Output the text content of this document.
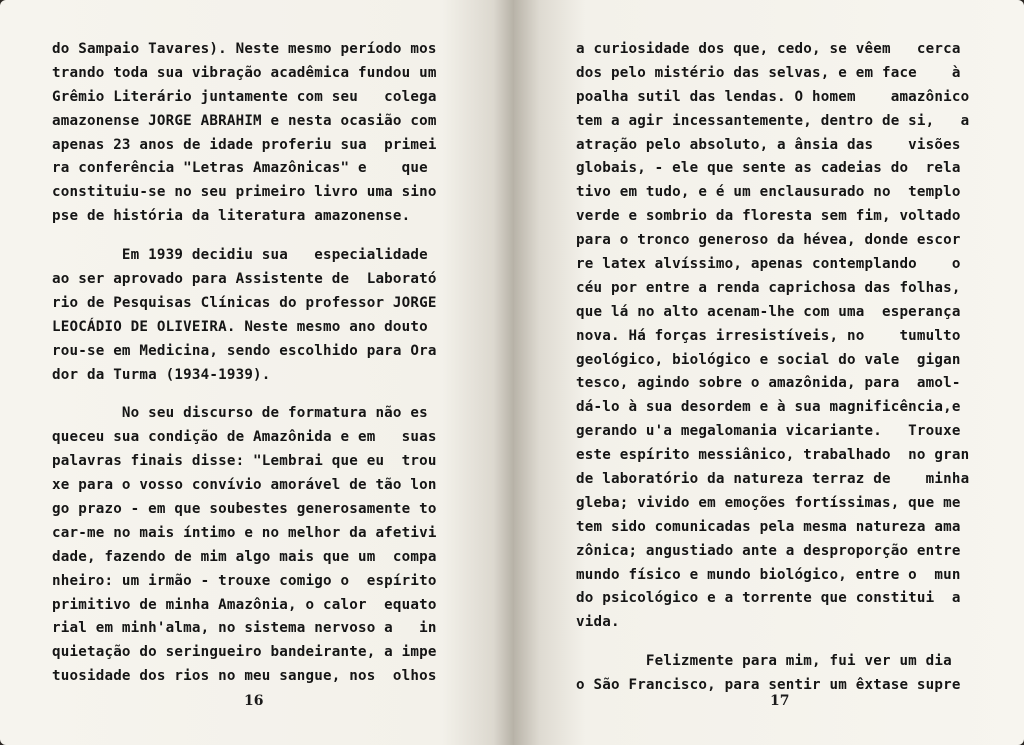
do Sampaio Tavares). Neste mesmo período mos
trando toda sua vibração acadêmica fundou um
Grêmio Literário juntamente com seu   colega
amazonense JORGE ABRAHIM e nesta ocasião com
apenas 23 anos de idade proferiu sua  primei
ra conferência "Letras Amazônicas" e    que
constituiu-se no seu primeiro livro uma sino
pse de história da literatura amazonense.
Em 1939 decidiu sua   especialidade
ao ser aprovado para Assistente de  Laborató
rio de Pesquisas Clínicas do professor JORGE
LEOCÁDIO DE OLIVEIRA. Neste mesmo ano douto
rou-se em Medicina, sendo escolhido para Ora
dor da Turma (1934-1939).
No seu discurso de formatura não es
queceu sua condição de Amazônida e em   suas
palavras finais disse: "Lembrai que eu  trou
xe para o vosso convívio amorável de tão lon
go prazo - em que soubestes generosamente to
car-me no mais íntimo e no melhor da afetivi
dade, fazendo de mim algo mais que um  compa
nheiro: um irmão - trouxe comigo o  espírito
primitivo de minha Amazônia, o calor  equato
rial em minh'alma, no sistema nervoso a   in
quietação do seringueiro bandeirante, a impe
tuosidade dos rios no meu sangue, nos  olhos
16
a curiosidade dos que, cedo, se vêem   cerca
dos pelo mistério das selvas, e em face    à
poalha sutil das lendas. O homem    amazônico
tem a agir incessantemente, dentro de si,   a
atração pelo absoluto, a ânsia das    visões
globais, - ele que sente as cadeias do  rela
tivo em tudo, e é um enclausurado no  templo
verde e sombrio da floresta sem fim, voltado
para o tronco generoso da hévea, donde escor
re latex alvíssimo, apenas contemplando    o
céu por entre a renda caprichosa das folhas,
que lá no alto acenam-lhe com uma  esperança
nova. Há forças irresistíveis, no    tumulto
geológico, biológico e social do vale  gigan
tesco, agindo sobre o amazônida, para  amol-
dá-lo à sua desordem e à sua magnificência,e
gerando u'a megalomania vicariante.   Trouxe
este espírito messiânico, trabalhado  no gran
de laboratório da natureza terraz de    minha
gleba; vivido em emoções fortíssimas, que me
tem sido comunicadas pela mesma natureza ama
zônica; angustiado ante a desproporção entre
mundo físico e mundo biológico, entre o  mun
do psicológico e a torrente que constitui  a
vida.
Felizmente para mim, fui ver um dia
o São Francisco, para sentir um êxtase supre
17
